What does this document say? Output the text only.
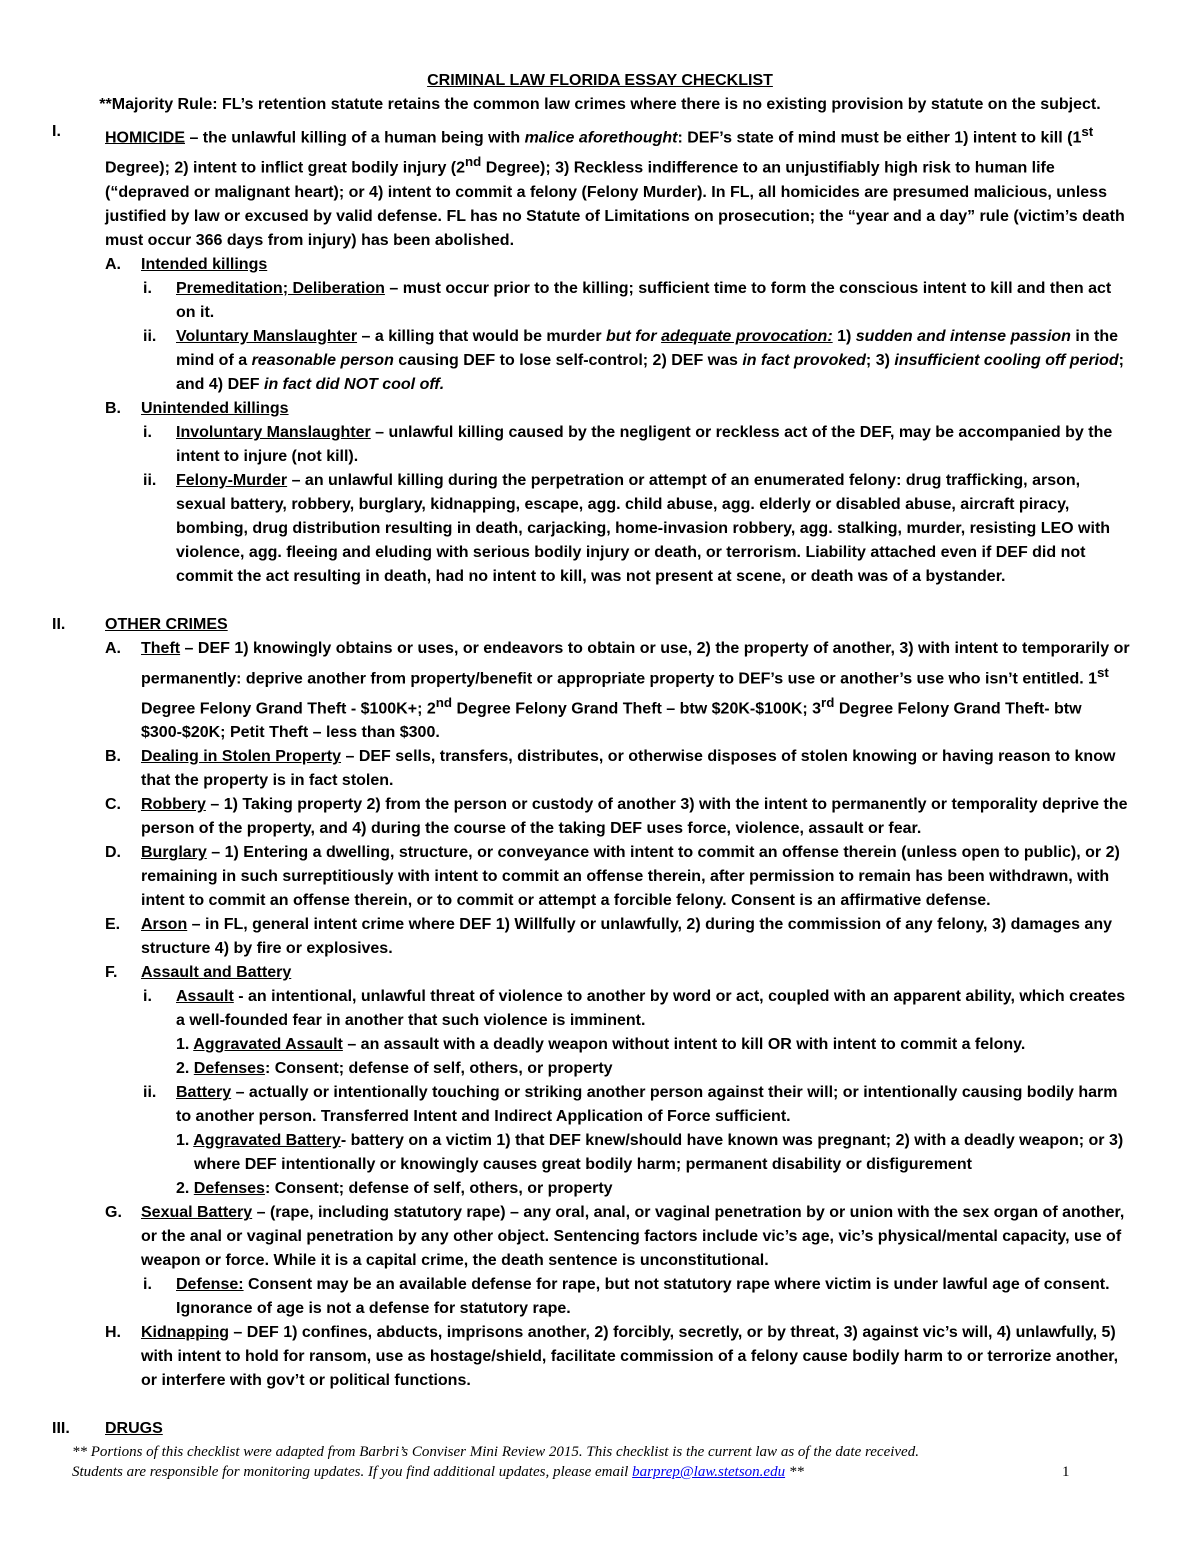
CRIMINAL LAW FLORIDA ESSAY CHECKLIST
**Majority Rule: FL’s retention statute retains the common law crimes where there is no existing provision by statute on the subject.
I.	HOMICIDE – the unlawful killing of a human being with malice aforethought: DEF’s state of mind must be either 1) intent to kill (1st Degree); 2) intent to inflict great bodily injury (2nd Degree); 3) Reckless indifference to an unjustifiably high risk to human life (“depraved or malignant heart); or 4) intent to commit a felony (Felony Murder). In FL, all homicides are presumed malicious, unless justified by law or excused by valid defense. FL has no Statute of Limitations on prosecution; the “year and a day” rule (victim’s death must occur 366 days from injury) has been abolished.
A. Intended killings
i. Premeditation; Deliberation – must occur prior to the killing; sufficient time to form the conscious intent to kill and then act on it.
ii. Voluntary Manslaughter – a killing that would be murder but for adequate provocation: 1) sudden and intense passion in the mind of a reasonable person causing DEF to lose self-control; 2) DEF was in fact provoked; 3) insufficient cooling off period; and 4) DEF in fact did NOT cool off.
B. Unintended killings
i. Involuntary Manslaughter – unlawful killing caused by the negligent or reckless act of the DEF, may be accompanied by the intent to injure (not kill).
ii. Felony-Murder – an unlawful killing during the perpetration or attempt of an enumerated felony: drug trafficking, arson, sexual battery, robbery, burglary, kidnapping, escape, agg. child abuse, agg. elderly or disabled abuse, aircraft piracy, bombing, drug distribution resulting in death, carjacking, home-invasion robbery, agg. stalking, murder, resisting LEO with violence, agg. fleeing and eluding with serious bodily injury or death, or terrorism. Liability attached even if DEF did not commit the act resulting in death, had no intent to kill, was not present at scene, or death was of a bystander.
II. OTHER CRIMES
A. Theft – DEF 1) knowingly obtains or uses, or endeavors to obtain or use, 2) the property of another, 3) with intent to temporarily or permanently: deprive another from property/benefit or appropriate property to DEF’s use or another’s use who isn’t entitled. 1st Degree Felony Grand Theft - $100K+; 2nd Degree Felony Grand Theft – btw $20K-$100K; 3rd Degree Felony Grand Theft- btw $300-$20K; Petit Theft – less than $300.
B. Dealing in Stolen Property – DEF sells, transfers, distributes, or otherwise disposes of stolen knowing or having reason to know that the property is in fact stolen.
C. Robbery – 1) Taking property 2) from the person or custody of another 3) with the intent to permanently or temporality deprive the person of the property, and 4) during the course of the taking DEF uses force, violence, assault or fear.
D. Burglary – 1) Entering a dwelling, structure, or conveyance with intent to commit an offense therein (unless open to public), or 2) remaining in such surreptitiously with intent to commit an offense therein, after permission to remain has been withdrawn, with intent to commit an offense therein, or to commit or attempt a forcible felony. Consent is an affirmative defense.
E. Arson – in FL, general intent crime where DEF 1) Willfully or unlawfully, 2) during the commission of any felony, 3) damages any structure 4) by fire or explosives.
F. Assault and Battery
i. Assault - an intentional, unlawful threat of violence to another by word or act, coupled with an apparent ability, which creates a well-founded fear in another that such violence is imminent.
1. Aggravated Assault – an assault with a deadly weapon without intent to kill OR with intent to commit a felony.
2. Defenses: Consent; defense of self, others, or property
ii. Battery – actually or intentionally touching or striking another person against their will; or intentionally causing bodily harm to another person. Transferred Intent and Indirect Application of Force sufficient.
1. Aggravated Battery- battery on a victim 1) that DEF knew/should have known was pregnant; 2) with a deadly weapon; or 3) where DEF intentionally or knowingly causes great bodily harm; permanent disability or disfigurement
2. Defenses: Consent; defense of self, others, or property
G. Sexual Battery – (rape, including statutory rape) – any oral, anal, or vaginal penetration by or union with the sex organ of another, or the anal or vaginal penetration by any other object. Sentencing factors include vic’s age, vic’s physical/mental capacity, use of weapon or force. While it is a capital crime, the death sentence is unconstitutional.
i. Defense: Consent may be an available defense for rape, but not statutory rape where victim is under lawful age of consent. Ignorance of age is not a defense for statutory rape.
H. Kidnapping – DEF 1) confines, abducts, imprisons another, 2) forcibly, secretly, or by threat, 3) against vic’s will, 4) unlawfully, 5) with intent to hold for ransom, use as hostage/shield, facilitate commission of a felony cause bodily harm to or terrorize another, or interfere with gov’t or political functions.
III. DRUGS
** Portions of this checklist were adapted from Barbri’s Conviser Mini Review 2015. This checklist is the current law as of the date received.
Students are responsible for monitoring updates. If you find additional updates, please email barprep@law.stetson.edu **	1
